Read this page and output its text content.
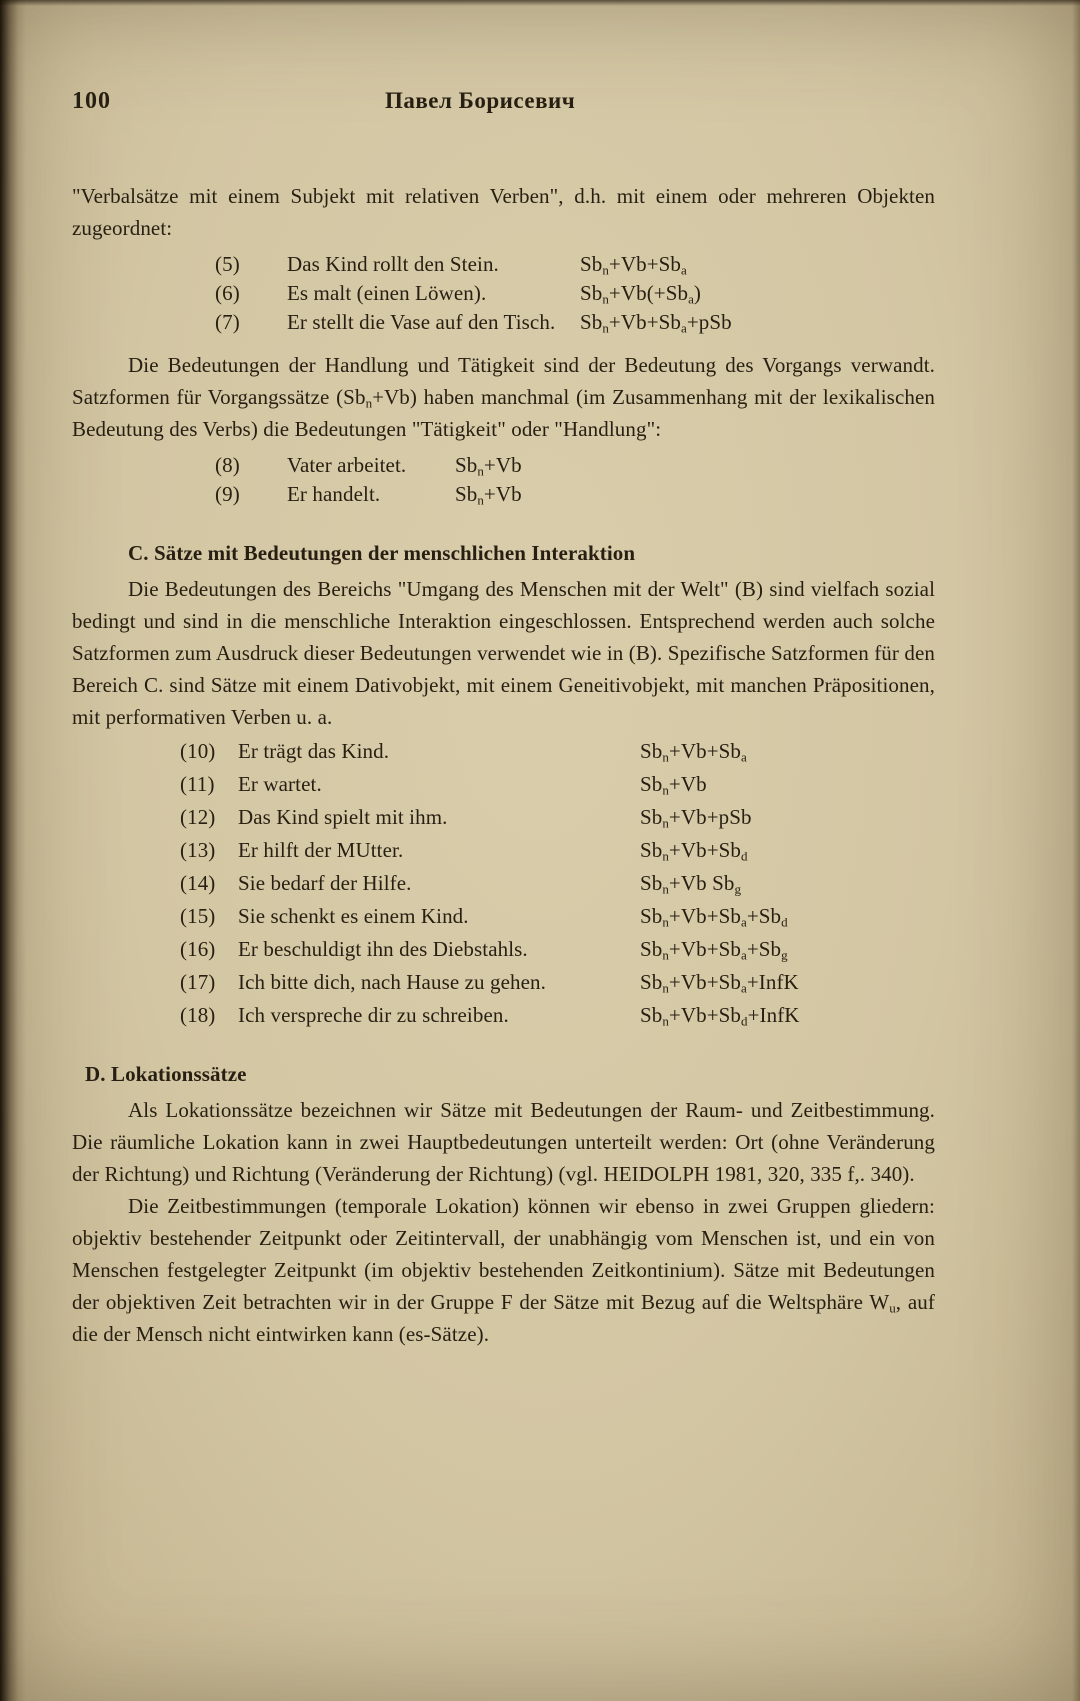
100	Павел Борисевич
"Verbalsätze mit einem Subjekt mit relativen Verben", d.h. mit einem oder mehreren Objekten zugeordnet:
(5) Das Kind rollt den Stein.	$Sb_n+Vb+Sb_a$
(6) Es malt (einen Löwen).	$Sb_n+Vb(+Sb_a)$
(7) Er stellt die Vase auf den Tisch. $Sb_n+Vb+Sb_a+pSb$
Die Bedeutungen der Handlung und Tätigkeit sind der Bedeutung des Vorgangs verwandt. Satzformen für Vorgangssätze $(Sb_n+Vb)$ haben manchmal (im Zusammenhang mit der lexikalischen Bedeutung des Verbs) die Bedeutungen "Tätigkeit" oder "Handlung":
(8) Vater arbeitet. $Sb_n+Vb$
(9) Er handelt.	$Sb_n+Vb$
C. Sätze mit Bedeutungen der menschlichen Interaktion
Die Bedeutungen des Bereichs "Umgang des Menschen mit der Welt" (B) sind vielfach sozial bedingt und sind in die menschliche Interaktion eingeschlossen. Entsprechend werden auch solche Satzformen zum Ausdruck dieser Bedeutungen verwendet wie in (B). Spezifische Satzformen für den Bereich C. sind Sätze mit einem Dativobjekt, mit einem Geneitivobjekt, mit manchen Präpositionen, mit performativen Verben u. a.
(10) Er trägt das Kind.	$Sb_n+Vb+Sb_a$
(11) Er wartet.	$Sb_n+Vb$
(12) Das Kind spielt mit ihm.	$Sb_n+Vb+pSb$
(13) Er hilft der MUtter.	$Sb_n+Vb+Sb_d$
(14) Sie bedarf der Hilfe.	$Sb_n+Vb$ $Sb_g$
(15) Sie schenkt es einem Kind.	$Sb_n+Vb+Sb_a+Sb_d$
(16) Er beschuldigt ihn des Diebstahls.	$Sb_n+Vb+Sb_a+Sb_g$
(17) Ich bitte dich, nach Hause zu gehen.	$Sb_n+Vb+Sb_a+InfK$
(18) Ich verspreche dir zu schreiben.	$Sb_n+Vb+Sb_d+InfK$
D. Lokationssätze
Als Lokationssätze bezeichnen wir Sätze mit Bedeutungen der Raum- und Zeitbestimmung. Die räumliche Lokation kann in zwei Hauptbedeutungen unterteilt werden: Ort (ohne Veränderung der Richtung) und Richtung (Veränderung der Richtung) (vgl. HEIDOLPH 1981, 320, 335 f,. 340).
Die Zeitbestimmungen (temporale Lokation) können wir ebenso in zwei Gruppen gliedern: objektiv bestehender Zeitpunkt oder Zeitintervall, der unabhängig vom Menschen ist, und ein von Menschen festgelegter Zeitpunkt (im objektiv bestehenden Zeitkontinium). Sätze mit Bedeutungen der objektiven Zeit betrachten wir in der Gruppe F der Sätze mit Bezug auf die Weltsphäre $W_u$, auf die der Mensch nicht eintwirken kann (es-Sätze).
